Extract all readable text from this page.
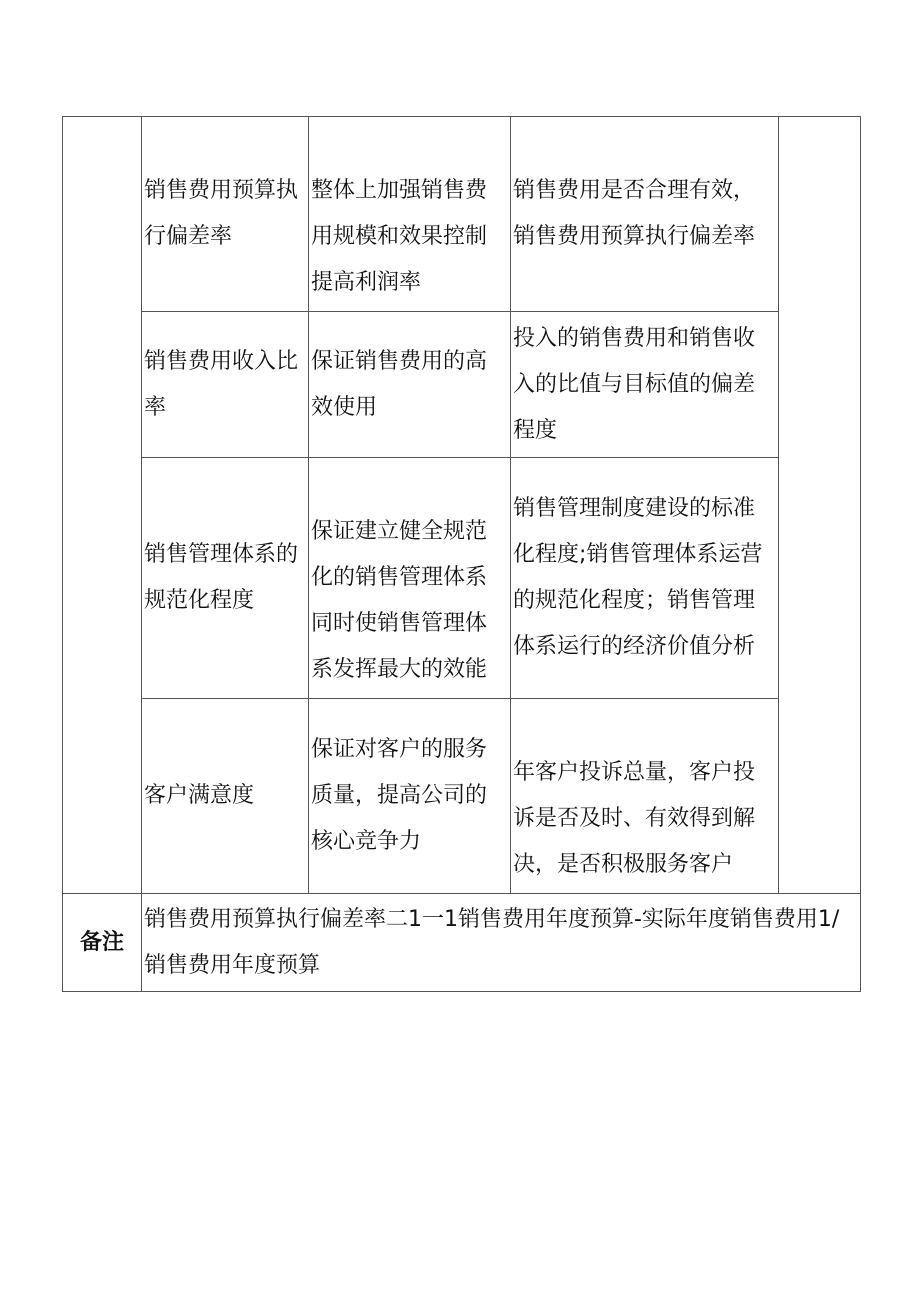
	销售费用预算执行偏差率	整体上加强销售费用规模和效果控制提高利润率	销售费用是否合理有效，销售费用预算执行偏差率	

	销售费用收入比率	保证销售费用的高效使用	投入的销售费用和销售收入的比值与目标值的偏差程度	

	销售管理体系的规范化程度	保证建立健全规范化的销售管理体系同时使销售管理体系发挥最大的效能	销售管理制度建设的标准化程度;销售管理体系运营的规范化程度；销售管理体系运行的经济价值分析	

	客户满意度	保证对客户的服务质量，提高公司的核心竞争力	年客户投诉总量，客户投诉是否及时、有效得到解决，是否积极服务客户	

备注	销售费用预算执行偏差率二1一1销售费用年度预算-实际年度销售费用1/销售费用年度预算			
